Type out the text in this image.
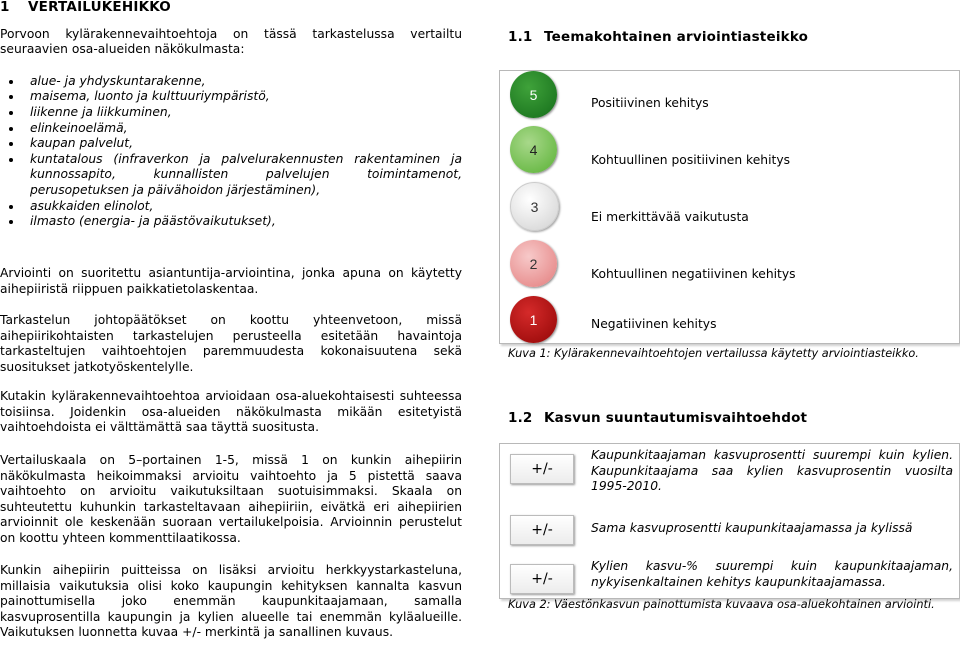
1 VERTAILUKEHIKKO

Porvoon kylärakennevaihtoehtoja on tässä tarkastelussa vertailtu seuraavien osa-alueiden näkökulmasta:

alue- ja yhdyskuntarakenne,
maisema, luonto ja kulttuuriympäristö,
liikenne ja liikkuminen,
elinkeinoelämä,
kaupan palvelut,
kuntatalous (infraverkon ja palvelurakennusten rakentaminen ja kunnossapito, kunnallisten palvelujen toimintamenot, perusopetuksen ja päivähoidon järjestäminen),
asukkaiden elinolot,
ilmasto (energia- ja päästövaikutukset),

Arviointi on suoritettu asiantuntija-arviointina, jonka apuna on käytetty aihepiiristä riippuen paikkatietolaskentaa.

Tarkastelun johtopäätökset on koottu yhteenvetoon, missä aihepiirikohtaisten tarkastelujen perusteella esitetään havaintoja tarkasteltujen vaihtoehtojen paremmuudesta kokonaisuutena sekä suositukset jatkotyöskentelylle.

Kutakin kylärakennevaihtoehtoa arvioidaan osa-aluekohtaisesti suhteessa toisiinsa. Joidenkin osa-alueiden näkökulmasta mikään esitetyistä vaihtoehdoista ei välttämättä saa täyttä suositusta.

Vertailuskaala on 5–portainen 1-5, missä 1 on kunkin aihepiirin näkökulmasta heikoimmaksi arvioitu vaihtoehto ja 5 pistettä saava vaihtoehto on arvioitu vaikutuksiltaan suotuisimmaksi. Skaala on suhteutettu kuhunkin tarkasteltavaan aihepiiriin, eivätkä eri aihepiirien arvioinnit ole keskenään suoraan vertailukelpoisia. Arvioinnin perustelut on koottu yhteen kommenttilaatikossa.

Kunkin aihepiirin puitteissa on lisäksi arvioitu herkkyystarkasteluna, millaisia vaikutuksia olisi koko kaupungin kehityksen kannalta kasvun painottumisella joko enemmän kaupunkitaajamaan, samalla kasvuprosentilla kaupungin ja kylien alueelle tai enemmän kyläalueille. Vaikutuksen luonnetta kuvaa +/- merkintä ja sanallinen kuvaus.

1.1 Teemakohtainen arviointiasteikko
5
Positiivinen kehitys
4
Kohtuullinen positiivinen kehitys
3
Ei merkittävää vaikutusta
2
Kohtuullinen negatiivinen kehitys
1	Negatiivinen kehitys
Kuva 1: Kylärakennevaihtoehtojen vertailussa käytetty arviointiasteikko.
1.2 Kasvun suuntautumisvaihtoehdot
+/-
Kaupunkitaajaman kasvuprosentti suurempi kuin kylien. Kaupunkitaajama saa kylien kasvuprosentin vuosilta 1995-2010.
+/-	Sama kasvuprosentti kaupunkitaajamassa ja kylissä
+/-
Kylien kasvu-% suurempi kuin kaupunkitaajaman, nykyisenkaltainen kehitys kaupunkitaajamassa.
Kuva 2: Väestönkasvun painottumista kuvaava osa-aluekohtainen arviointi.
